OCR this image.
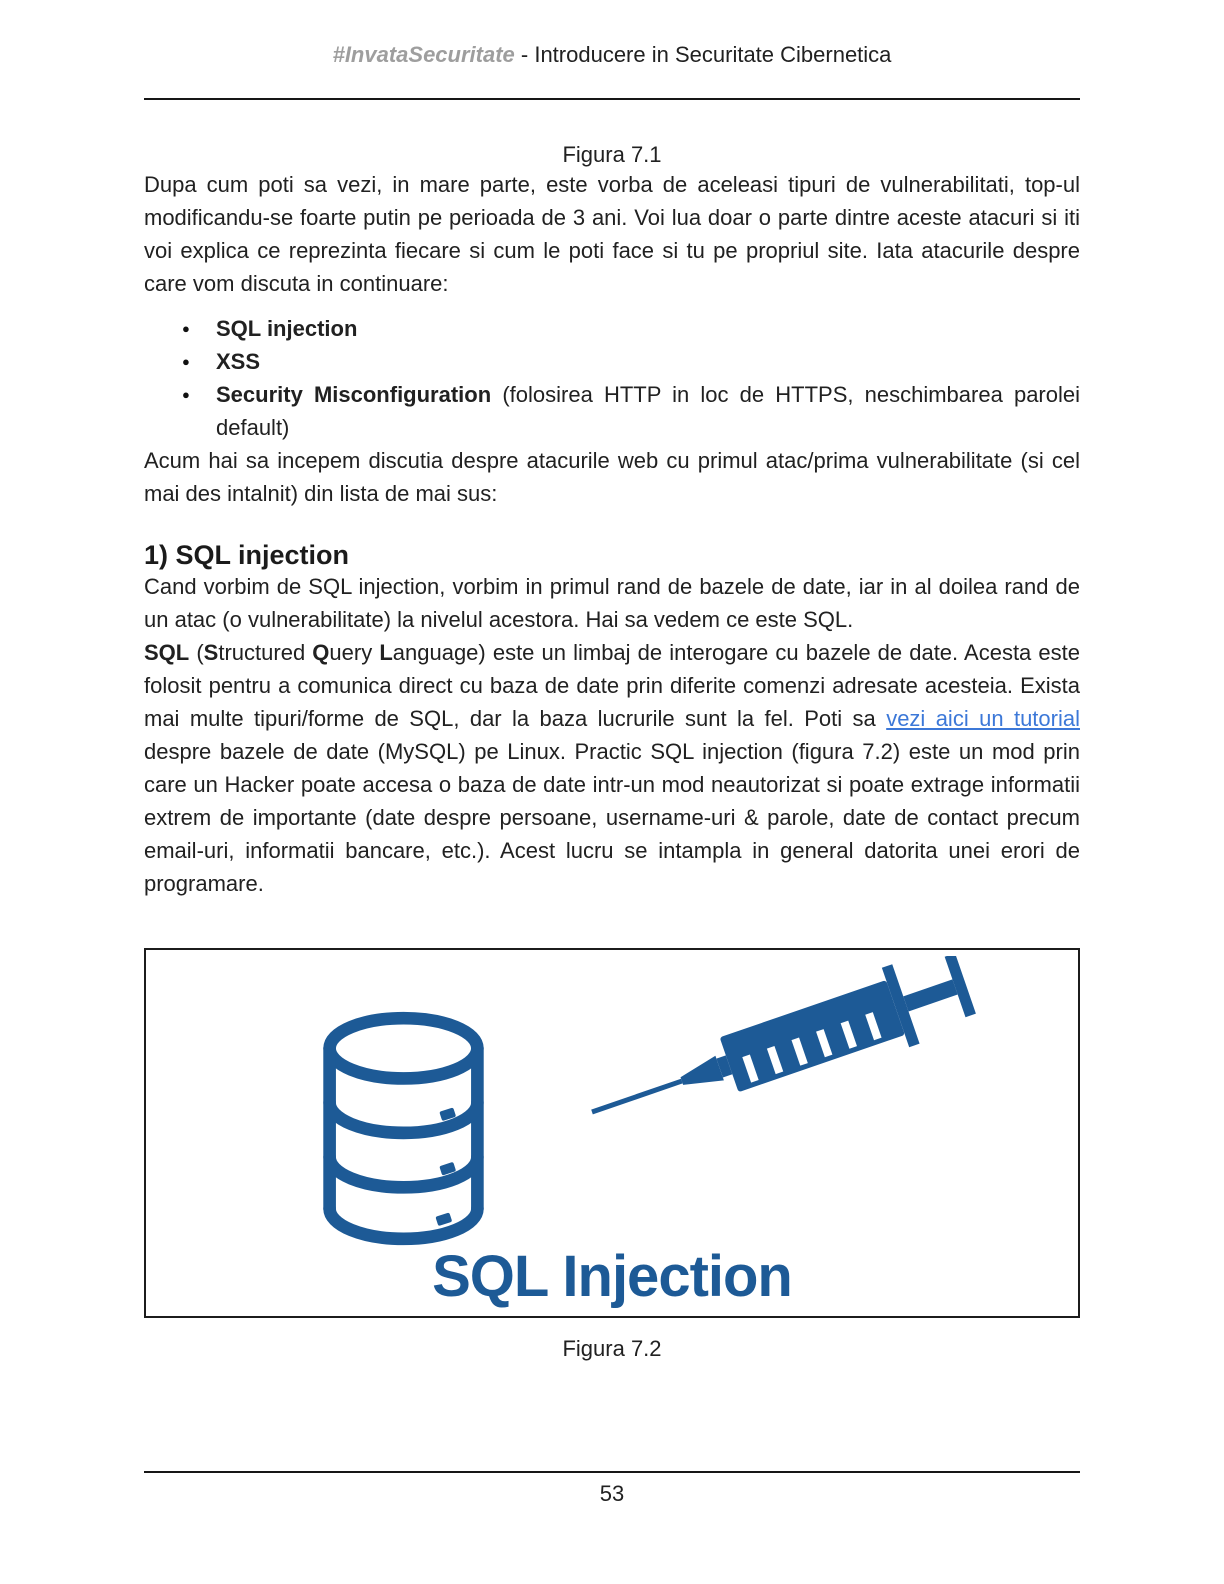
#InvataSecuritate - Introducere in Securitate Cibernetica
Figura 7.1

Dupa cum poti sa vezi, in mare parte, este vorba de aceleasi tipuri de vulnerabilitati, top-ul modificandu-se foarte putin pe perioada de 3 ani. Voi lua doar o parte dintre aceste atacuri si iti voi explica ce reprezinta fiecare si cum le poti face si tu pe propriul site. Iata atacurile despre care vom discuta in continuare:

●	SQL injection
●	XSS
●	Security Misconfiguration (folosirea HTTP in loc de HTTPS, neschimbarea parolei default)

Acum hai sa incepem discutia despre atacurile web cu primul atac/prima vulnerabilitate (si cel mai des intalnit) din lista de mai sus:

1) SQL injection

Cand vorbim de SQL injection, vorbim in primul rand de bazele de date, iar in al doilea rand de un atac (o vulnerabilitate) la nivelul acestora. Hai sa vedem ce este SQL.

SQL (Structured Query Language) este un limbaj de interogare cu bazele de date. Acesta este folosit pentru a comunica direct cu baza de date prin diferite comenzi adresate acesteia. Exista mai multe tipuri/forme de SQL, dar la baza lucrurile sunt la fel. Poti sa vezi aici un tutorial despre bazele de date (MySQL) pe Linux. Practic SQL injection (figura 7.2) este un mod prin care un Hacker poate accesa o baza de date intr-un mod neautorizat si poate extrage informatii extrem de importante (date despre persoane, username-uri & parole, date de contact precum email-uri, informatii bancare, etc.). Acest lucru se intampla in general datorita unei erori de programare.

SQL Injection
Figura 7.2
53
